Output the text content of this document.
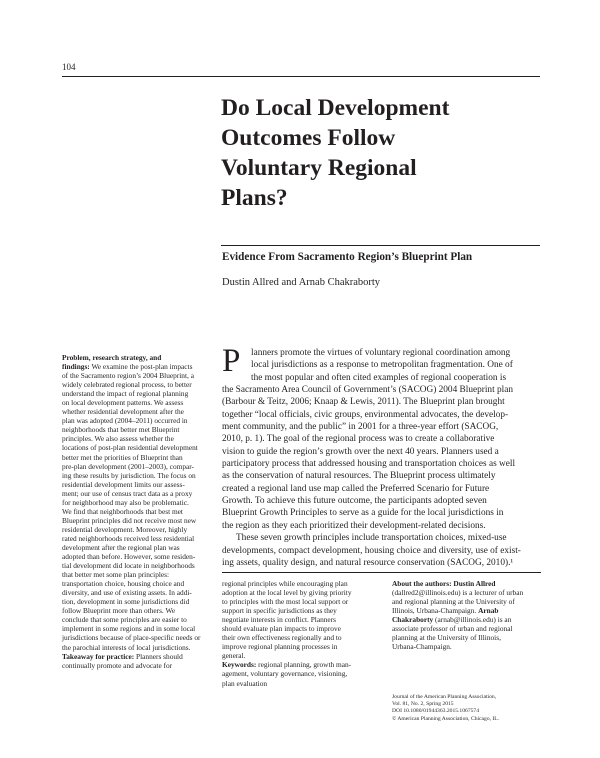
104
Do Local Development
Outcomes Follow
Voluntary Regional
Plans?
Evidence From Sacramento Region’s Blueprint Plan
Dustin Allred and Arnab Chakraborty
Problem, research strategy, and
findings: We examine the post-plan impacts
of the Sacramento region’s 2004 Blueprint, a
widely celebrated regional process, to better
understand the impact of regional planning
on local development patterns. We assess
whether residential development after the
plan was adopted (2004–2011) occurred in
neighborhoods that better met Blueprint
principles. We also assess whether the
locations of post-plan residential development
better met the priorities of Blueprint than
pre-plan development (2001–2003), compar-
ing these results by jurisdiction. The focus on
residential development limits our assess-
ment; our use of census tract data as a proxy
for neighborhood may also be problematic.
We find that neighborhoods that best met
Blueprint principles did not receive most new
residential development. Moreover, highly
rated neighborhoods received less residential
development after the regional plan was
adopted than before. However, some residen-
tial development did locate in neighborhoods
that better met some plan principles:
transportation choice, housing choice and
diversity, and use of existing assets. In addi-
tion, development in some jurisdictions did
follow Blueprint more than others. We
conclude that some principles are easier to
implement in some regions and in some local
jurisdictions because of place-specific needs or
the parochial interests of local jurisdictions.
Takeaway for practice: Planners should
continually promote and advocate for
regional principles while encouraging plan
adoption at the local level by giving priority
to principles with the most local support or
support in specific jurisdictions as they
negotiate interests in conflict. Planners
should evaluate plan impacts to improve
their own effectiveness regionally and to
improve regional planning processes in
general.
Keywords: regional planning, growth man-
agement, voluntary governance, visioning,
plan evaluation
About the authors: Dustin Allred
(dallred2@illinois.edu) is a lecturer of urban
and regional planning at the University of
Illinois, Urbana-Champaign. Arnab
Chakraborty (arnab@illinois.edu) is an
associate professor of urban and regional
planning at the University of Illinois,
Urbana-Champaign.
Journal of the American Planning Association,
Vol. 81, No. 2, Spring 2015
DOI 10.1080/01944363.2015.1067574
© American Planning Association, Chicago, IL.
P	lanners promote the virtues of voluntary regional coordination among
local jurisdictions as a response to metropolitan fragmentation. One of
the most popular and often cited examples of regional cooperation is
the Sacramento Area Council of Government’s (SACOG) 2004 Blueprint plan
(Barbour & Teitz, 2006; Knaap & Lewis, 2011). The Blueprint plan brought
together “local officials, civic groups, environmental advocates, the develop-
ment community, and the public” in 2001 for a three-year effort (SACOG,
2010, p. 1). The goal of the regional process was to create a collaborative
vision to guide the region’s growth over the next 40 years. Planners used a
participatory process that addressed housing and transportation choices as well
as the conservation of natural resources. The Blueprint process ultimately
created a regional land use map called the Preferred Scenario for Future
Growth. To achieve this future outcome, the participants adopted seven
Blueprint Growth Principles to serve as a guide for the local jurisdictions in
the region as they each prioritized their development-related decisions.
These seven growth principles include transportation choices, mixed-use
developments, compact development, housing choice and diversity, use of exist-
ing assets, quality design, and natural resource conservation (SACOG, 2010).¹
